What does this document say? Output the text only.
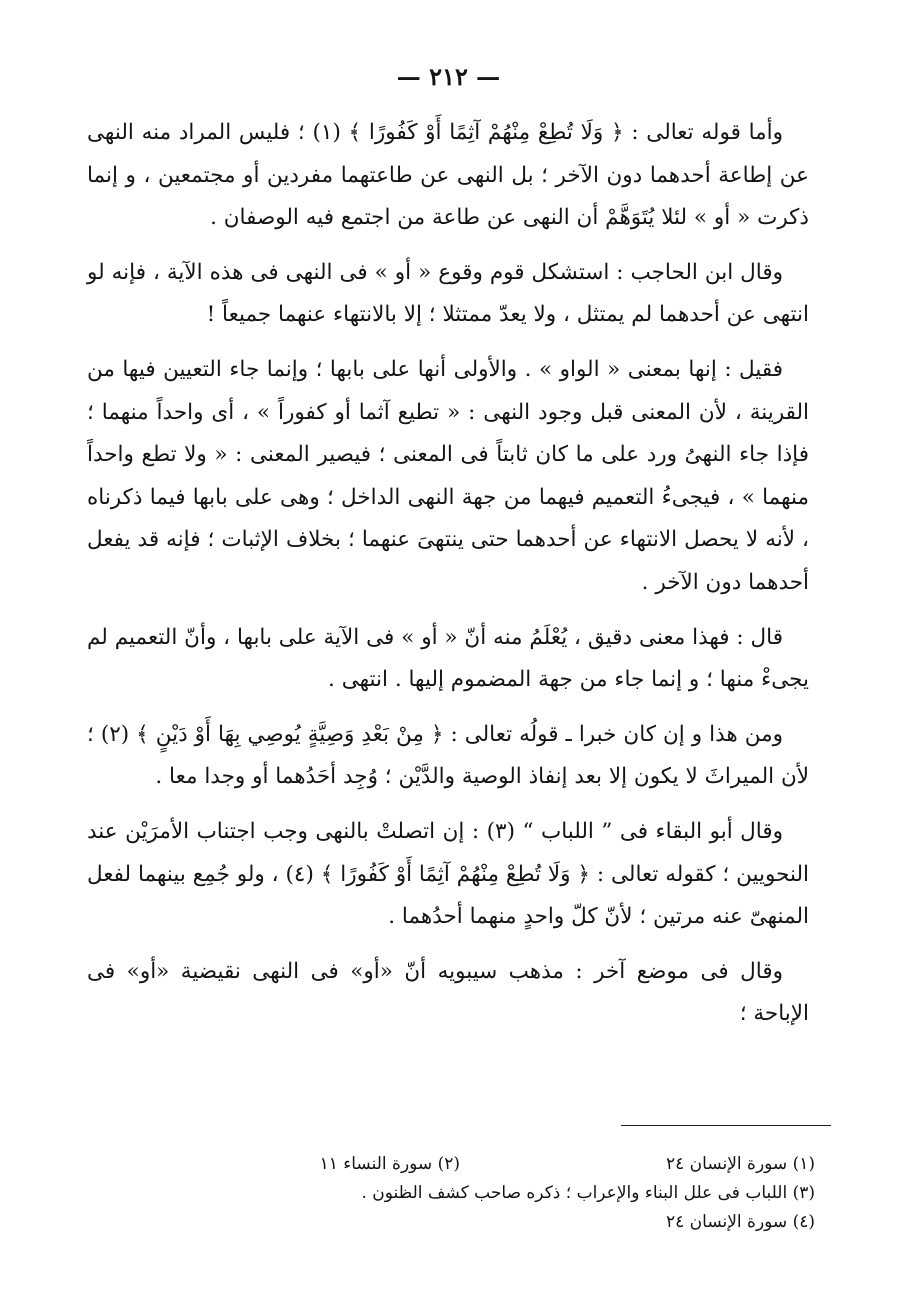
— ٢١٢ —

وأما قوله تعالى : ﴿ وَلَا تُطِعْ مِنْهُمْ آثِمًا أَوْ كَفُورًا ﴾ (١) ؛ فليس المراد منه النهى عن إطاعة أحدهما دون الآخر ؛ بل النهى عن طاعتهما مفردين أو مجتمعين ، و إنما ذكرت « أو » لئلا يُتَوَهَّمْ أن النهى عن طاعة من اجتمع فيه الوصفان .

وقال ابن الحاجب : استشكل قوم وقوع « أو » فى النهى فى هذه الآية ، فإنه لو انتهى عن أحدهما لم يمتثل ، ولا يعدّ ممتثلا ؛ إلا بالانتهاء عنهما جميعاً !

فقيل : إنها بمعنى « الواو » . والأولى أنها على بابها ؛ وإنما جاء التعيين فيها من القرينة ، لأن المعنى قبل وجود النهى : « تطيع آثما أو كفوراً » ، أى واحداً منهما ؛ فإذا جاء النهىُ ورد على ما كان ثابتاً فى المعنى ؛ فيصير المعنى : « ولا تطع واحداً منهما » ، فيجىءُ التعميم فيهما من جهة النهى الداخل ؛ وهى على بابها فيما ذكرناه ، لأنه لا يحصل الانتهاء عن أحدهما حتى ينتهىَ عنهما ؛ بخلاف الإثبات ؛ فإنه قد يفعل أحدهما دون الآخر .

قال : فهذا معنى دقيق ، يُعْلَمُ منه أنّ « أو » فى الآية على بابها ، وأنّ التعميم لم يجىءْ منها ؛ و إنما جاء من جهة المضموم إليها . انتهى .

ومن هذا و إن كان خبرا ـ قولُه تعالى : ﴿ مِنْ بَعْدِ وَصِيَّةٍ يُوصِي بِهَا أَوْ دَيْنٍ ﴾ (٢) ؛ لأن الميراثَ لا يكون إلا بعد إنفاذ الوصية والدَّيْن ؛ وُجِد أحَدُهما أو وجدا معا .

وقال أبو البقاء فى ” اللباب “ (٣) : إن اتصلتْ بالنهى وجب اجتناب الأمرَيْن عند النحويين ؛ كقوله تعالى : ﴿ وَلَا تُطِعْ مِنْهُمْ آثِمًا أَوْ كَفُورًا ﴾ (٤) ، ولو جُمِع بينهما لفعل المنهىّ عنه مرتين ؛ لأنّ كلّ واحدٍ منهما أحدُهما .

وقال فى موضع آخر : مذهب سيبويه أنّ «أو» فى النهى نقيضية «أو» فى الإباحة ؛

(١) سورة الإنسان ٢٤
(٢) سورة النساء ١١
(٣) اللباب فى علل البناء والإعراب ؛ ذكره صاحب كشف الظنون .
(٤) سورة الإنسان ٢٤
